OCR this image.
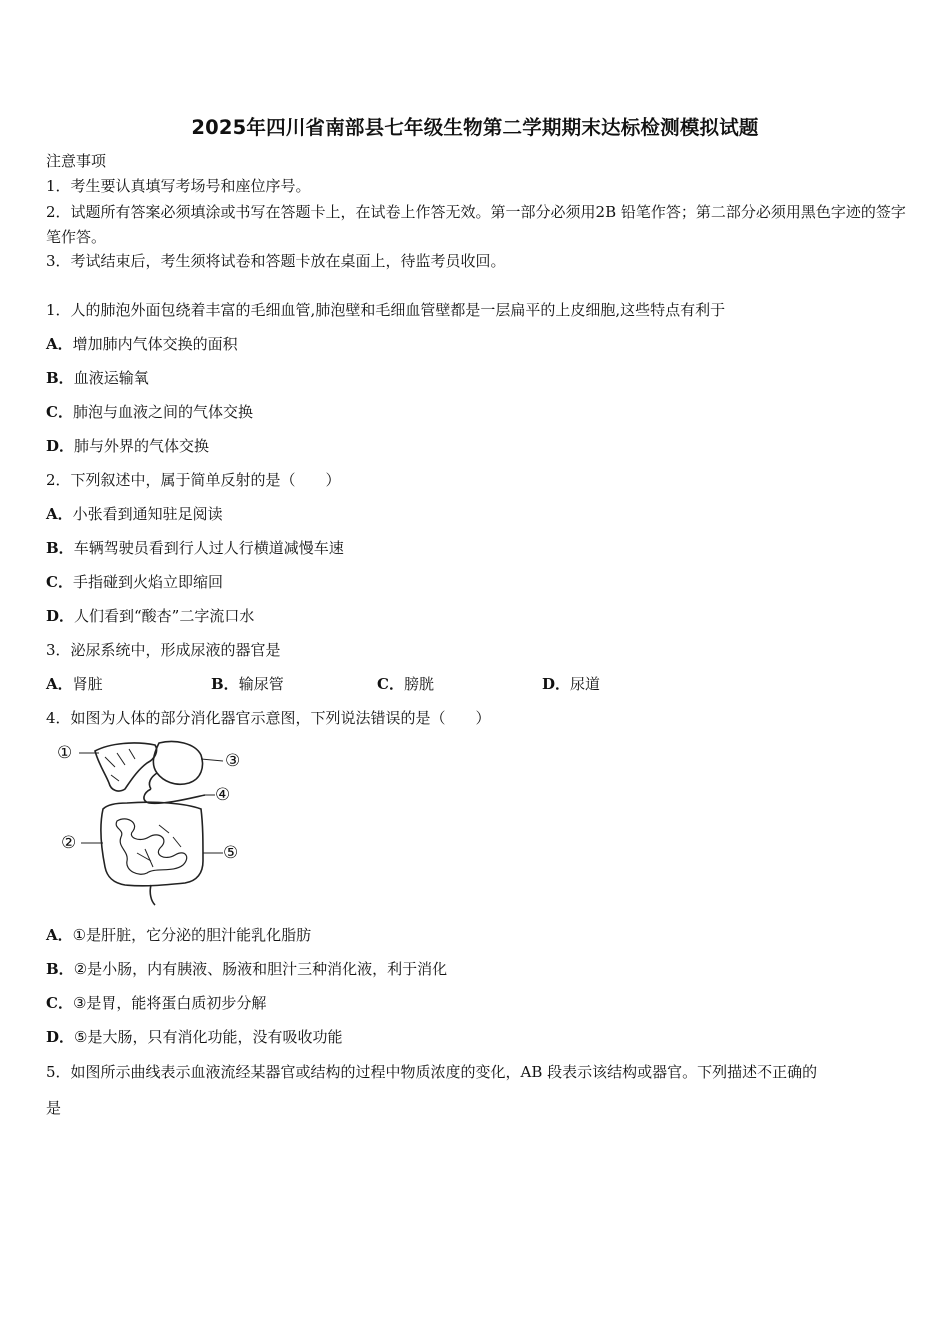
2025年四川省南部县七年级生物第二学期期末达标检测模拟试题
注意事项
1．考生要认真填写考场号和座位序号。
2．试题所有答案必须填涂或书写在答题卡上，在试卷上作答无效。第一部分必须用2B 铅笔作答；第二部分必须用黑色字迹的签字笔作答。
3．考试结束后，考生须将试卷和答题卡放在桌面上，待监考员收回。
1．人的肺泡外面包绕着丰富的毛细血管,肺泡壁和毛细血管壁都是一层扁平的上皮细胞,这些特点有利于
A．增加肺内气体交换的面积
B．血液运输氧
C．肺泡与血液之间的气体交换
D．肺与外界的气体交换
2．下列叙述中，属于简单反射的是（　　）
A．小张看到通知驻足阅读
B．车辆驾驶员看到行人过人行横道减慢车速
C．手指碰到火焰立即缩回
D．人们看到“酸杏”二字流口水
3．泌尿系统中，形成尿液的器官是
A．肾脏	B．输尿管	C．膀胱	D．尿道
4．如图为人体的部分消化器官示意图，下列说法错误的是（　　）
①
②
③
④
⑤
A．①是肝脏，它分泌的胆汁能乳化脂肪
B．②是小肠，内有胰液、肠液和胆汁三种消化液，利于消化
C．③是胃，能将蛋白质初步分解
D．⑤是大肠，只有消化功能，没有吸收功能
5．如图所示曲线表示血液流经某器官或结构的过程中物质浓度的变化，AB 段表示该结构或器官。下列描述不正确的
是
